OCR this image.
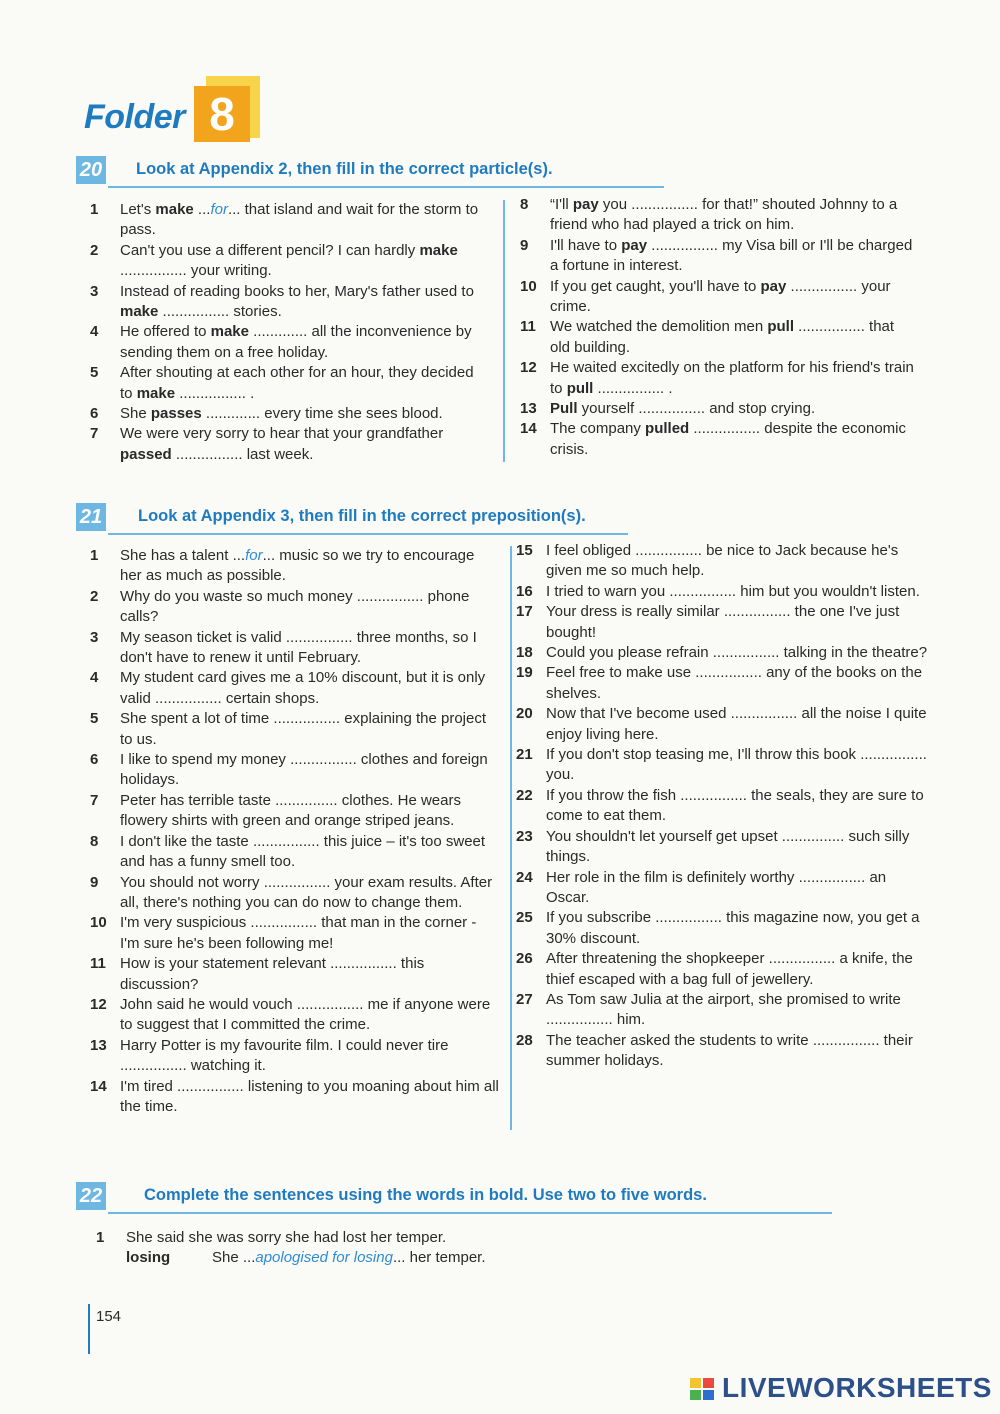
Folder 8
20 Look at Appendix 2, then fill in the correct particle(s).
1	Let's make ...for... that island and wait for the storm to pass.
2	Can't you use a different pencil? I can hardly make ................ your writing.
3	Instead of reading books to her, Mary's father used to make ................ stories.
4	He offered to make ............. all the inconvenience by sending them on a free holiday.
5	After shouting at each other for an hour, they decided to make ................ .
6	She passes ............. every time she sees blood.
7	We were very sorry to hear that your grandfather passed ................ last week.
8	“I'll pay you ................ for that!” shouted Johnny to a friend who had played a trick on him.
9	I'll have to pay ................ my Visa bill or I'll be charged a fortune in interest.
10 If you get caught, you'll have to pay ................ your crime.
11 We watched the demolition men pull ................ that old building.
12 He waited excitedly on the platform for his friend's train to pull ................ .
13 Pull yourself ................ and stop crying.
14 The company pulled ................ despite the economic crisis.
21 Look at Appendix 3, then fill in the correct preposition(s).
1	She has a talent ...for... music so we try to encourage her as much as possible.
2	Why do you waste so much money ................ phone calls?
3	My season ticket is valid ................ three months, so I don't have to renew it until February.
4	My student card gives me a 10% discount, but it is only valid ................ certain shops.
5	She spent a lot of time ................ explaining the project to us.
6	I like to spend my money ................ clothes and foreign holidays.
7	Peter has terrible taste ............... clothes. He wears flowery shirts with green and orange striped jeans.
8	I don't like the taste ................ this juice – it's too sweet and has a funny smell too.
9	You should not worry ................ your exam results. After all, there's nothing you can do now to change them.
10 I'm very suspicious ................ that man in the corner - I'm sure he's been following me!
11 How is your statement relevant ................ this discussion?
12 John said he would vouch ................ me if anyone were to suggest that I committed the crime.
13 Harry Potter is my favourite film. I could never tire ................ watching it.
14 I'm tired ................ listening to you moaning about him all the time.
15 I feel obliged ................ be nice to Jack because he's given me so much help.
16 I tried to warn you ................ him but you wouldn't listen.
17 Your dress is really similar ................ the one I've just bought!
18 Could you please refrain ................ talking in the theatre?
19 Feel free to make use ................ any of the books on the shelves.
20 Now that I've become used ................ all the noise I quite enjoy living here.
21 If you don't stop teasing me, I'll throw this book ................ you.
22 If you throw the fish ................ the seals, they are sure to come to eat them.
23 You shouldn't let yourself get upset ............... such silly things.
24 Her role in the film is definitely worthy ................ an Oscar.
25 If you subscribe ................ this magazine now, you get a 30% discount.
26 After threatening the shopkeeper ................ a knife, the thief escaped with a bag full of jewellery.
27 As Tom saw Julia at the airport, she promised to write ................ him.
28 The teacher asked the students to write ................ their summer holidays.
22	Complete the sentences using the words in bold. Use two to five words.
1	She said she was sorry she had lost her temper.
losing	She ...apologised for losing... her temper.
154
LIVEWORKSHEETS
